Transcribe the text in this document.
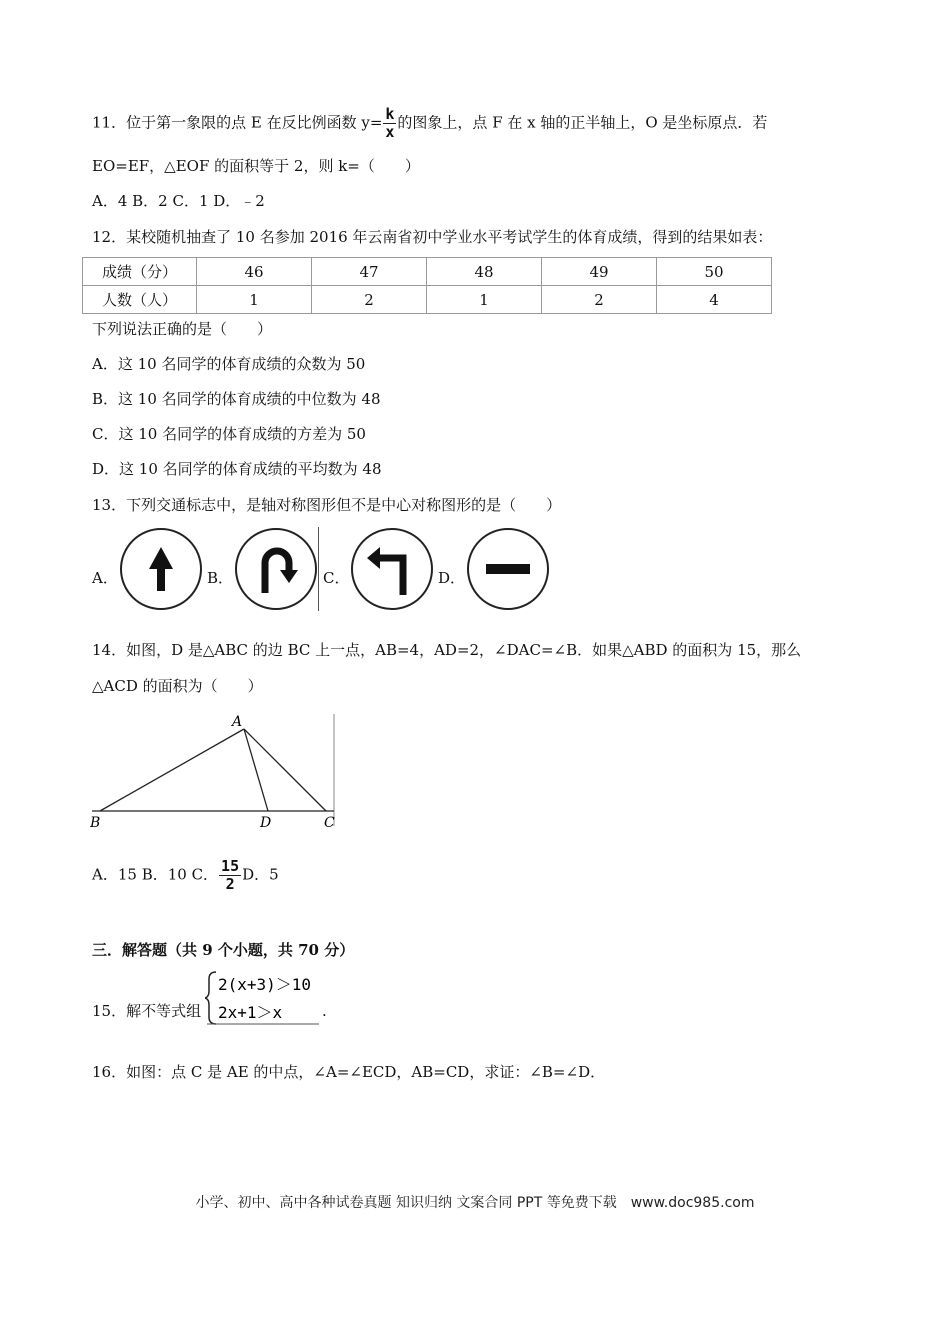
11．位于第一象限的点 E 在反比例函数 $y= \frac{k}{x}$ 的图象上，点 F 在 x 轴的正半轴上，O 是坐标原点．若
EO=EF，△EOF 的面积等于 2，则 k=（　　）
A．4 B．2 C．1 D．﹣2
12．某校随机抽查了 10 名参加 2016 年云南省初中学业水平考试学生的体育成绩，得到的结果如表：
成绩（分）	46	47	48	49	50
人数（人）	1	2	1	2	4
下列说法正确的是（　　）
A．这 10 名同学的体育成绩的众数为 50
B．这 10 名同学的体育成绩的中位数为 48
C．这 10 名同学的体育成绩的方差为 50
D．这 10 名同学的体育成绩的平均数为 48
13．下列交通标志中，是轴对称图形但不是中心对称图形的是（　　）
A．	B．	C．	D．
14．如图，D 是△ABC 的边 BC 上一点，AB=4，AD=2，∠DAC=∠B．如果△ABD 的面积为 15，那么
△ACD 的面积为（　　）
A
B	D	C
A．15 B．10 C． $\frac{15}{2}$ D．5
三．解答题（共 9 个小题，共 70 分）
15．解不等式组
2(x+3)＞10
2x+1＞x	.
16．如图：点 C 是 AE 的中点，∠A=∠ECD，AB=CD，求证：∠B=∠D．
小学、初中、高中各种试卷真题 知识归纳 文案合同 PPT 等免费下载　www.doc985.com
